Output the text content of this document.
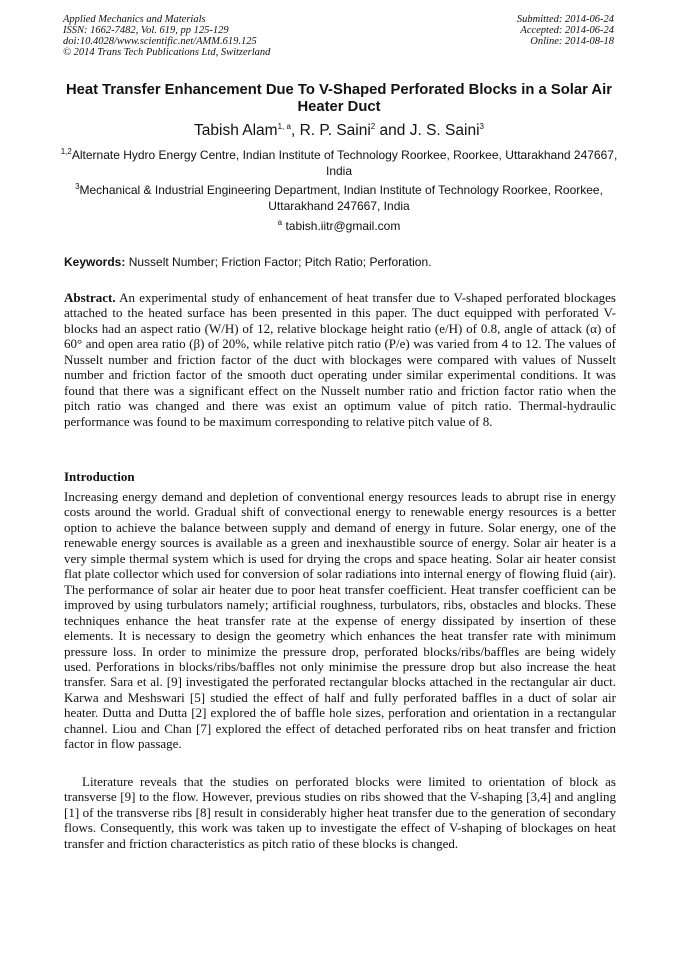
Applied Mechanics and Materials
ISSN: 1662-7482, Vol. 619, pp 125-129
doi:10.4028/www.scientific.net/AMM.619.125
© 2014 Trans Tech Publications Ltd, Switzerland
Submitted: 2014-06-24
Accepted: 2014-06-24
Online: 2014-08-18
Heat Transfer Enhancement Due To V-Shaped Perforated Blocks in a Solar Air Heater Duct
Tabish Alam$^{1, a}$, R. P. Saini$^2$ and J. S. Saini$^3$
$^{1,2}$Alternate Hydro Energy Centre, Indian Institute of Technology Roorkee, Roorkee, Uttarakhand 247667, India
$^3$Mechanical & Industrial Engineering Department, Indian Institute of Technology Roorkee, Roorkee, Uttarakhand 247667, India
$^a$ tabish.iitr@gmail.com
Keywords: Nusselt Number; Friction Factor; Pitch Ratio; Perforation.
Abstract. An experimental study of enhancement of heat transfer due to V-shaped perforated blockages attached to the heated surface has been presented in this paper. The duct equipped with perforated V-blocks had an aspect ratio (W/H) of 12, relative blockage height ratio (e/H) of 0.8, angle of attack (α) of 60° and open area ratio (β) of 20%, while relative pitch ratio (P/e) was varied from 4 to 12. The values of Nusselt number and friction factor of the duct with blockages were compared with values of Nusselt number and friction factor of the smooth duct operating under similar experimental conditions. It was found that there was a significant effect on the Nusselt number ratio and friction factor ratio when the pitch ratio was changed and there was exist an optimum value of pitch ratio. Thermal-hydraulic performance was found to be maximum corresponding to relative pitch value of 8.
Introduction

Increasing energy demand and depletion of conventional energy resources leads to abrupt rise in energy costs around the world. Gradual shift of convectional energy to renewable energy resources is a better option to achieve the balance between supply and demand of energy in future. Solar energy, one of the renewable energy sources is available as a green and inexhaustible source of energy. Solar air heater is a very simple thermal system which is used for drying the crops and space heating. Solar air heater consist flat plate collector which used for conversion of solar radiations into internal energy of flowing fluid (air). The performance of solar air heater due to poor heat transfer coefficient. Heat transfer coefficient can be improved by using turbulators namely; artificial roughness, turbulators, ribs, obstacles and blocks. These techniques enhance the heat transfer rate at the expense of energy dissipated by insertion of these elements. It is necessary to design the geometry which enhances the heat transfer rate with minimum pressure loss. In order to minimize the pressure drop, perforated blocks/ribs/baffles are being widely used. Perforations in blocks/ribs/baffles not only minimise the pressure drop but also increase the heat transfer. Sara et al. [9] investigated the perforated rectangular blocks attached in the rectangular air duct. Karwa and Meshswari [5] studied the effect of half and fully perforated baffles in a duct of solar air heater. Dutta and Dutta [2] explored the of baffle hole sizes, perforation and orientation in a rectangular channel. Liou and Chan [7] explored the effect of detached perforated ribs on heat transfer and friction factor in flow passage.

Literature reveals that the studies on perforated blocks were limited to orientation of block as transverse [9] to the flow. However, previous studies on ribs showed that the V-shaping [3,4] and angling [1] of the transverse ribs [8] result in considerably higher heat transfer due to the generation of secondary flows. Consequently, this work was taken up to investigate the effect of V-shaping of blockages on heat transfer and friction characteristics as pitch ratio of these blocks is changed.
